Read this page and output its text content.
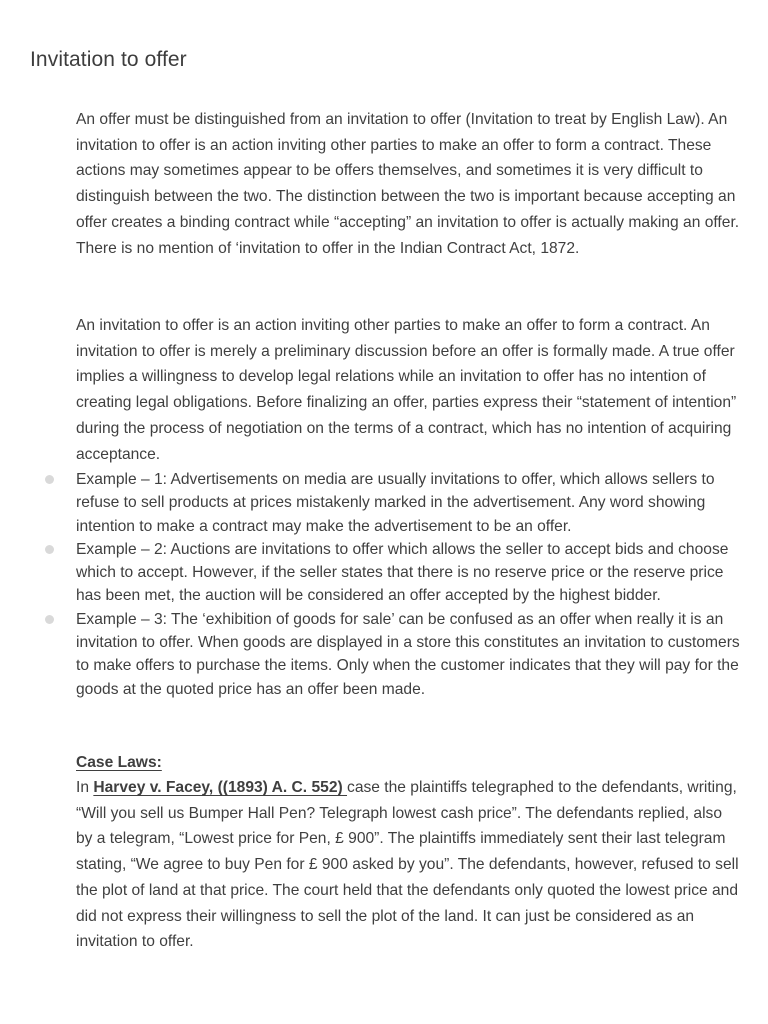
Invitation to offer

An offer must be distinguished from an invitation to offer (Invitation to treat by English Law). An invitation to offer is an action inviting other parties to make an offer to form a contract. These actions may sometimes appear to be offers themselves, and sometimes it is very difficult to distinguish between the two. The distinction between the two is important because accepting an offer creates a binding contract while “accepting” an invitation to offer is actually making an offer. There is no mention of ‘invitation to offer in the Indian Contract Act, 1872.

An invitation to offer is an action inviting other parties to make an offer to form a contract. An invitation to offer is merely a preliminary discussion before an offer is formally made. A true offer implies a willingness to develop legal relations while an invitation to offer has no intention of creating legal obligations. Before finalizing an offer, parties express their “statement of intention” during the process of negotiation on the terms of a contract, which has no intention of acquiring acceptance.

Example – 1: Advertisements on media are usually invitations to offer, which allows sellers to refuse to sell products at prices mistakenly marked in the advertisement. Any word showing intention to make a contract may make the advertisement to be an offer.
Example – 2: Auctions are invitations to offer which allows the seller to accept bids and choose which to accept. However, if the seller states that there is no reserve price or the reserve price has been met, the auction will be considered an offer accepted by the highest bidder.
Example – 3: The ‘exhibition of goods for sale’ can be confused as an offer when really it is an invitation to offer. When goods are displayed in a store this constitutes an invitation to customers to make offers to purchase the items. Only when the customer indicates that they will pay for the goods at the quoted price has an offer been made.
Case Laws:

In Harvey v. Facey, ((1893) A. C. 552) case the plaintiffs telegraphed to the defendants, writing, “Will you sell us Bumper Hall Pen? Telegraph lowest cash price”. The defendants replied, also by a telegram, “Lowest price for Pen, £ 900”. The plaintiffs immediately sent their last telegram stating, “We agree to buy Pen for £ 900 asked by you”. The defendants, however, refused to sell the plot of land at that price. The court held that the defendants only quoted the lowest price and did not express their willingness to sell the plot of the land. It can just be considered as an invitation to offer.
